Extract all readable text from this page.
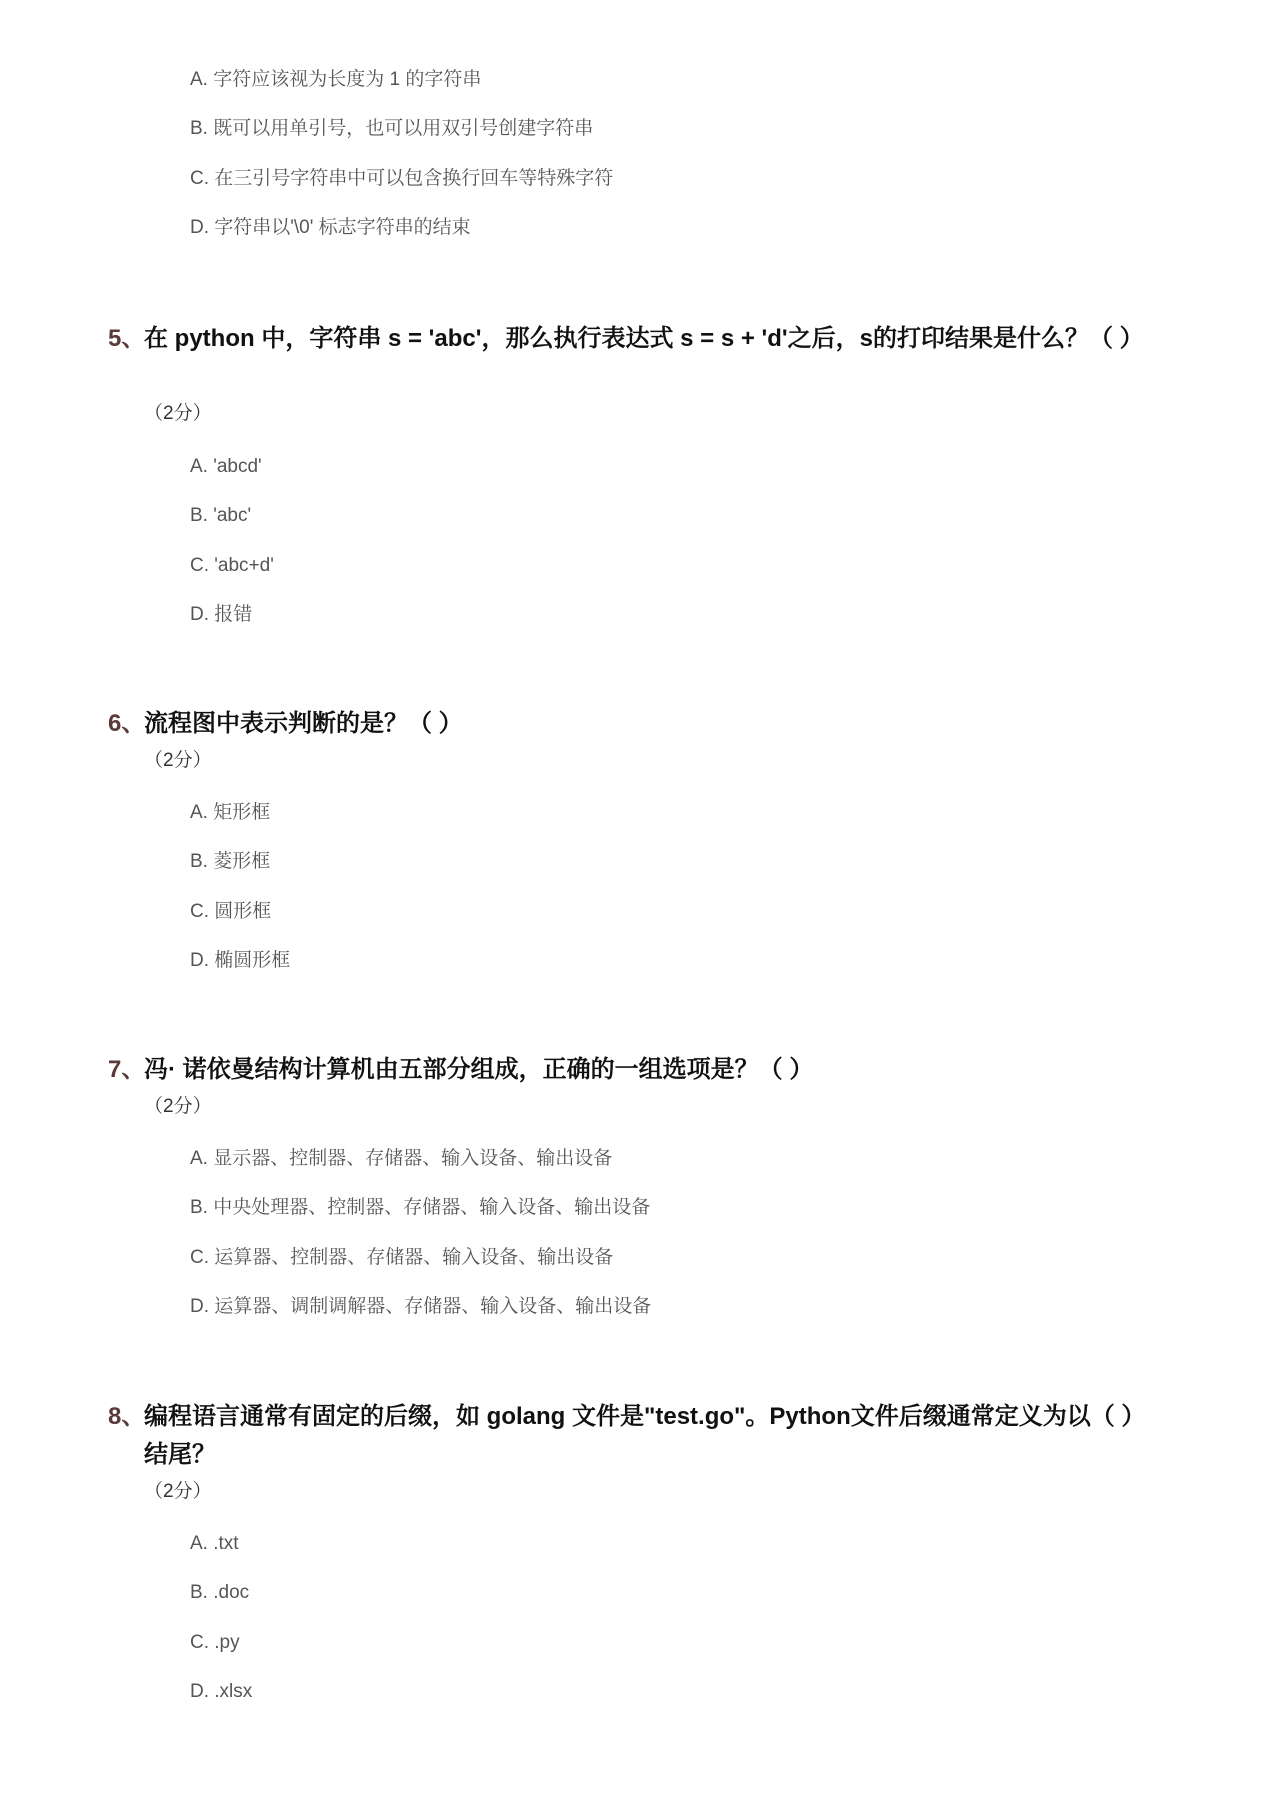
A. 字符应该视为长度为 1 的字符串
B. 既可以用单引号，也可以用双引号创建字符串
C. 在三引号字符串中可以包含换行回车等特殊字符
D. 字符串以'\0' 标志字符串的结束
5、
在 python 中，字符串 s = 'abc'，那么执行表达式 s = s + 'd'之后，s的打印结果是什么？（ ）
（2分）
A. 'abcd'
B. 'abc'
C. 'abc+d'
D. 报错
6、
流程图中表示判断的是？（ ）
（2分）
A. 矩形框
B. 菱形框
C. 圆形框
D. 椭圆形框
7、
冯· 诺依曼结构计算机由五部分组成，正确的一组选项是？（ ）
（2分）
A. 显示器、控制器、存储器、输入设备、输出设备
B. 中央处理器、控制器、存储器、输入设备、输出设备
C. 运算器、控制器、存储器、输入设备、输出设备
D. 运算器、调制调解器、存储器、输入设备、输出设备
8、
编程语言通常有固定的后缀，如 golang 文件是"test.go"。Python文件后缀通常定义为以（ ）结尾？
（2分）
A. .txt
B. .doc
C. .py
D. .xlsx
